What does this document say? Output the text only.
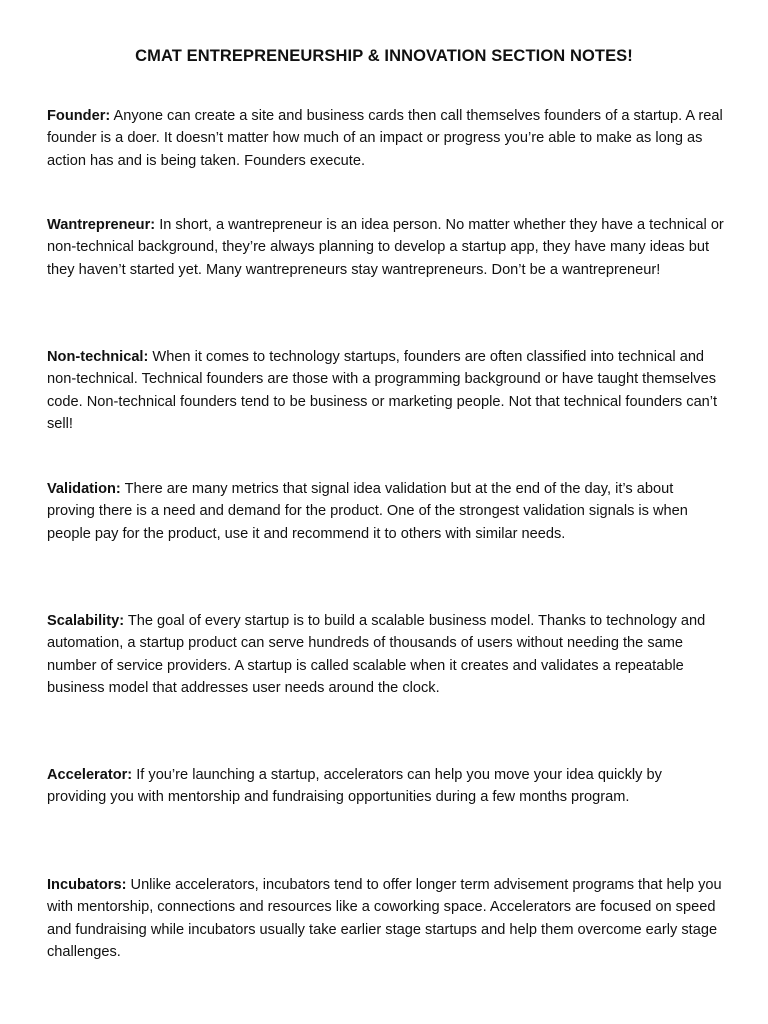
CMAT ENTREPRENEURSHIP & INNOVATION SECTION NOTES!

Founder: Anyone can create a site and business cards then call themselves founders of a startup. A real founder is a doer. It doesn’t matter how much of an impact or progress you’re able to make as long as action has and is being taken. Founders execute.

Wantrepreneur: In short, a wantrepreneur is an idea person. No matter whether they have a technical or non-technical background, they’re always planning to develop a startup app, they have many ideas but they haven’t started yet. Many wantrepreneurs stay wantrepreneurs. Don’t be a wantrepreneur!

Non-technical: When it comes to technology startups, founders are often classified into technical and non-technical. Technical founders are those with a programming background or have taught themselves code. Non-technical founders tend to be business or marketing people. Not that technical founders can’t sell!

Validation: There are many metrics that signal idea validation but at the end of the day, it’s about proving there is a need and demand for the product. One of the strongest validation signals is when people pay for the product, use it and recommend it to others with similar needs.

Scalability: The goal of every startup is to build a scalable business model. Thanks to technology and automation, a startup product can serve hundreds of thousands of users without needing the same number of service providers. A startup is called scalable when it creates and validates a repeatable business model that addresses user needs around the clock.

Accelerator: If you’re launching a startup, accelerators can help you move your idea quickly by providing you with mentorship and fundraising opportunities during a few months program.

Incubators: Unlike accelerators, incubators tend to offer longer term advisement programs that help you with mentorship, connections and resources like a coworking space. Accelerators are focused on speed and fundraising while incubators usually take earlier stage startups and help them overcome early stage challenges.
